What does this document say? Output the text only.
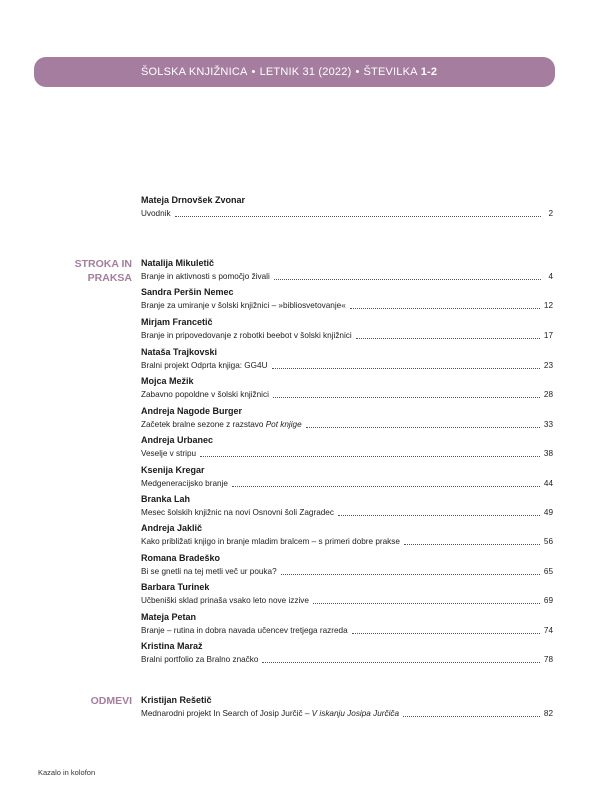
ŠOLSKA KNJIŽNICA • LETNIK 31 (2022) • ŠTEVILKA 1-2
Mateja Drnovšek Zvonar
Uvodnik	2
STROKA IN PRAKSA
ODMEVI
Natalija Mikuletič
Branje in aktivnosti s pomočjo živali	4
Sandra Peršin Nemec
Branje za umiranje v šolski knjižnici – »bibliosvetovanje«	12
Mirjam Francetič
Branje in pripovedovanje z robotki beebot v šolski knjižnici	17
Nataša Trajkovski
Bralni projekt Odprta knjiga: GG4U	23
Mojca Mežik
Zabavno popoldne v šolski knjižnici	28
Andreja Nagode Burger
Začetek bralne sezone z razstavo Pot knjige	33
Andreja Urbanec
Veselje v stripu	38
Ksenija Kregar
Medgeneracijsko branje	44
Branka Lah
Mesec šolskih knjižnic na novi Osnovni šoli Zagradec	49
Andreja Jaklič
Kako približati knjigo in branje mladim bralcem – s primeri dobre prakse	56
Romana Bradeško
Bi se gnetli na tej metli več ur pouka?	65
Barbara Turinek
Učbeniški sklad prinaša vsako leto nove izzive	69
Mateja Petan
Branje – rutina in dobra navada učencev tretjega razreda	74
Kristina Maraž
Bralni portfolio za Bralno značko	78
Kristijan Rešetič
Mednarodni projekt In Search of Josip Jurčič – V iskanju Josipa Jurčiča	82
Kazalo in kolofon
